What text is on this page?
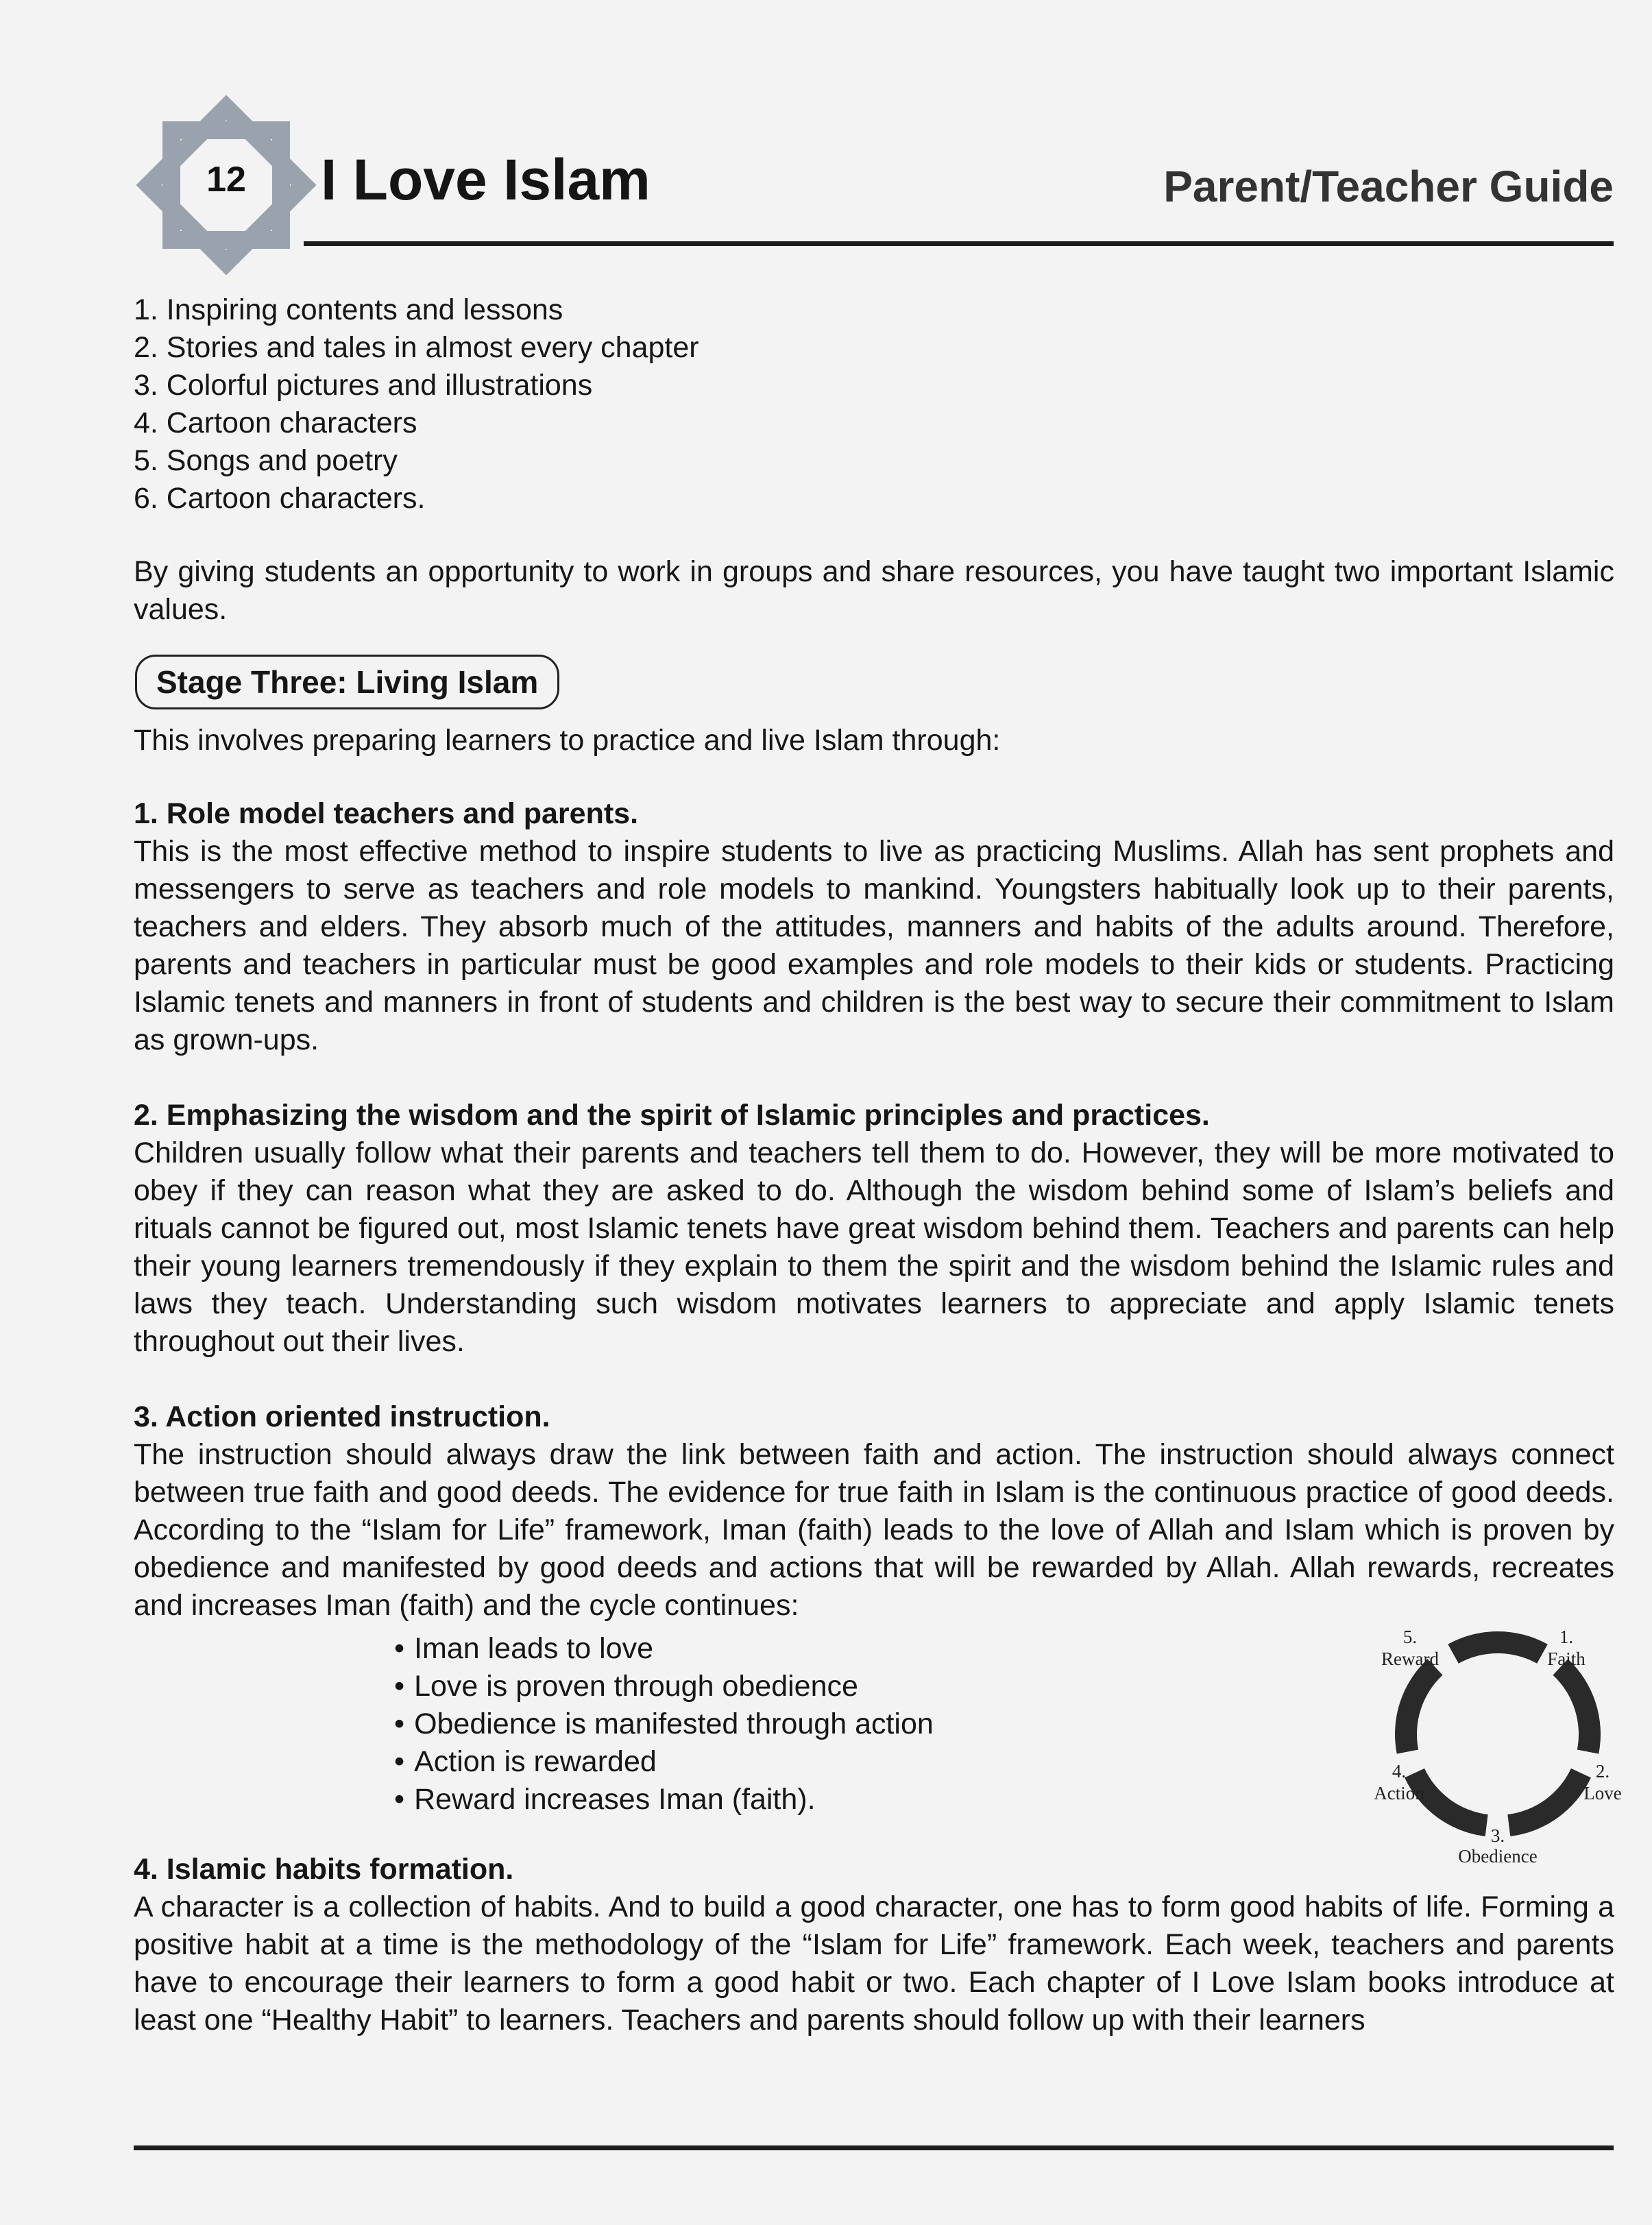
12 I Love Islam	Parent/Teacher Guide
1. Inspiring contents and lessons
2. Stories and tales in almost every chapter
3. Colorful pictures and illustrations
4. Cartoon characters
5. Songs and poetry
6. Cartoon characters.

By giving students an opportunity to work in groups and share resources, you have taught two important Islamic values.

Stage Three: Living Islam

This involves preparing learners to practice and live Islam through:

1. Role model teachers and parents.

This is the most effective method to inspire students to live as practicing Muslims. Allah has sent prophets and messengers to serve as teachers and role models to mankind. Youngsters habitually look up to their parents, teachers and elders. They absorb much of the attitudes, manners and habits of the adults around. Therefore, parents and teachers in particular must be good examples and role models to their kids or students. Practicing Islamic tenets and manners in front of students and children is the best way to secure their commitment to Islam as grown-ups.

2. Emphasizing the wisdom and the spirit of Islamic principles and practices.

Children usually follow what their parents and teachers tell them to do. However, they will be more motivated to obey if they can reason what they are asked to do. Although the wisdom behind some of Islam’s beliefs and rituals cannot be figured out, most Islamic tenets have great wisdom behind them. Teachers and parents can help their young learners tremendously if they explain to them the spirit and the wisdom behind the Islamic rules and laws they teach. Understanding such wisdom motivates learners to appreciate and apply Islamic tenets throughout out their lives.

3. Action oriented instruction.

The instruction should always draw the link between faith and action. The instruction should always connect between true faith and good deeds. The evidence for true faith in Islam is the continuous practice of good deeds. According to the “Islam for Life” framework, Iman (faith) leads to the love of Allah and Islam which is proven by obedience and manifested by good deeds and actions that will be rewarded by Allah. Allah rewards, recreates and increases Iman (faith) and the cycle continues:

• Iman leads to love
• Love is proven through obedience
• Obedience is manifested through action
• Action is rewarded
• Reward increases Iman (faith).
5.
Reward
1.
Faith
2.
Love
3.
Obedience
4.
Action
4. Islamic habits formation.

A character is a collection of habits. And to build a good character, one has to form good habits of life. Forming a positive habit at a time is the methodology of the “Islam for Life” framework. Each week, teachers and parents have to encourage their learners to form a good habit or two. Each chapter of I Love Islam books introduce at least one “Healthy Habit” to learners. Teachers and parents should follow up with their learners
